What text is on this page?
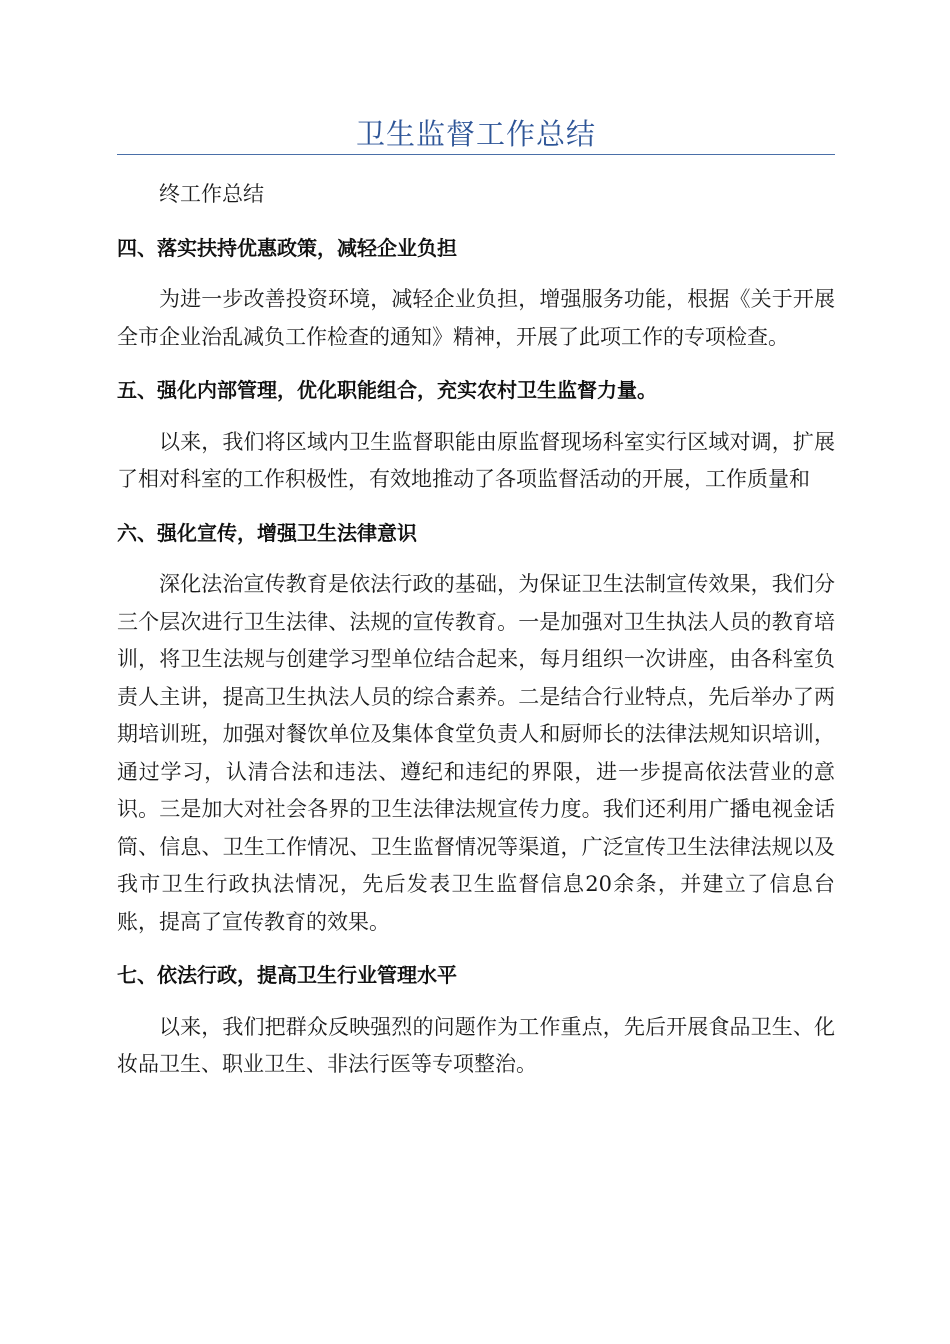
卫生监督工作总结

终工作总结

四、落实扶持优惠政策，减轻企业负担

为进一步改善投资环境，减轻企业负担，增强服务功能，根据《关于开展全市企业治乱减负工作检查的通知》精神，开展了此项工作的专项检查。

五、强化内部管理，优化职能组合，充实农村卫生监督力量。

以来，我们将区域内卫生监督职能由原监督现场科室实行区域对调，扩展了相对科室的工作积极性，有效地推动了各项监督活动的开展，工作质量和

六、强化宣传，增强卫生法律意识

深化法治宣传教育是依法行政的基础，为保证卫生法制宣传效果，我们分三个层次进行卫生法律、法规的宣传教育。一是加强对卫生执法人员的教育培训，将卫生法规与创建学习型单位结合起来，每月组织一次讲座，由各科室负责人主讲，提高卫生执法人员的综合素养。二是结合行业特点，先后举办了两期培训班，加强对餐饮单位及集体食堂负责人和厨师长的法律法规知识培训，通过学习，认清合法和违法、遵纪和违纪的界限，进一步提高依法营业的意识。三是加大对社会各界的卫生法律法规宣传力度。我们还利用广播电视金话筒、信息、卫生工作情况、卫生监督情况等渠道，广泛宣传卫生法律法规以及我市卫生行政执法情况，先后发表卫生监督信息20余条，并建立了信息台账，提高了宣传教育的效果。

七、依法行政，提高卫生行业管理水平

以来，我们把群众反映强烈的问题作为工作重点，先后开展食品卫生、化妆品卫生、职业卫生、非法行医等专项整治。
